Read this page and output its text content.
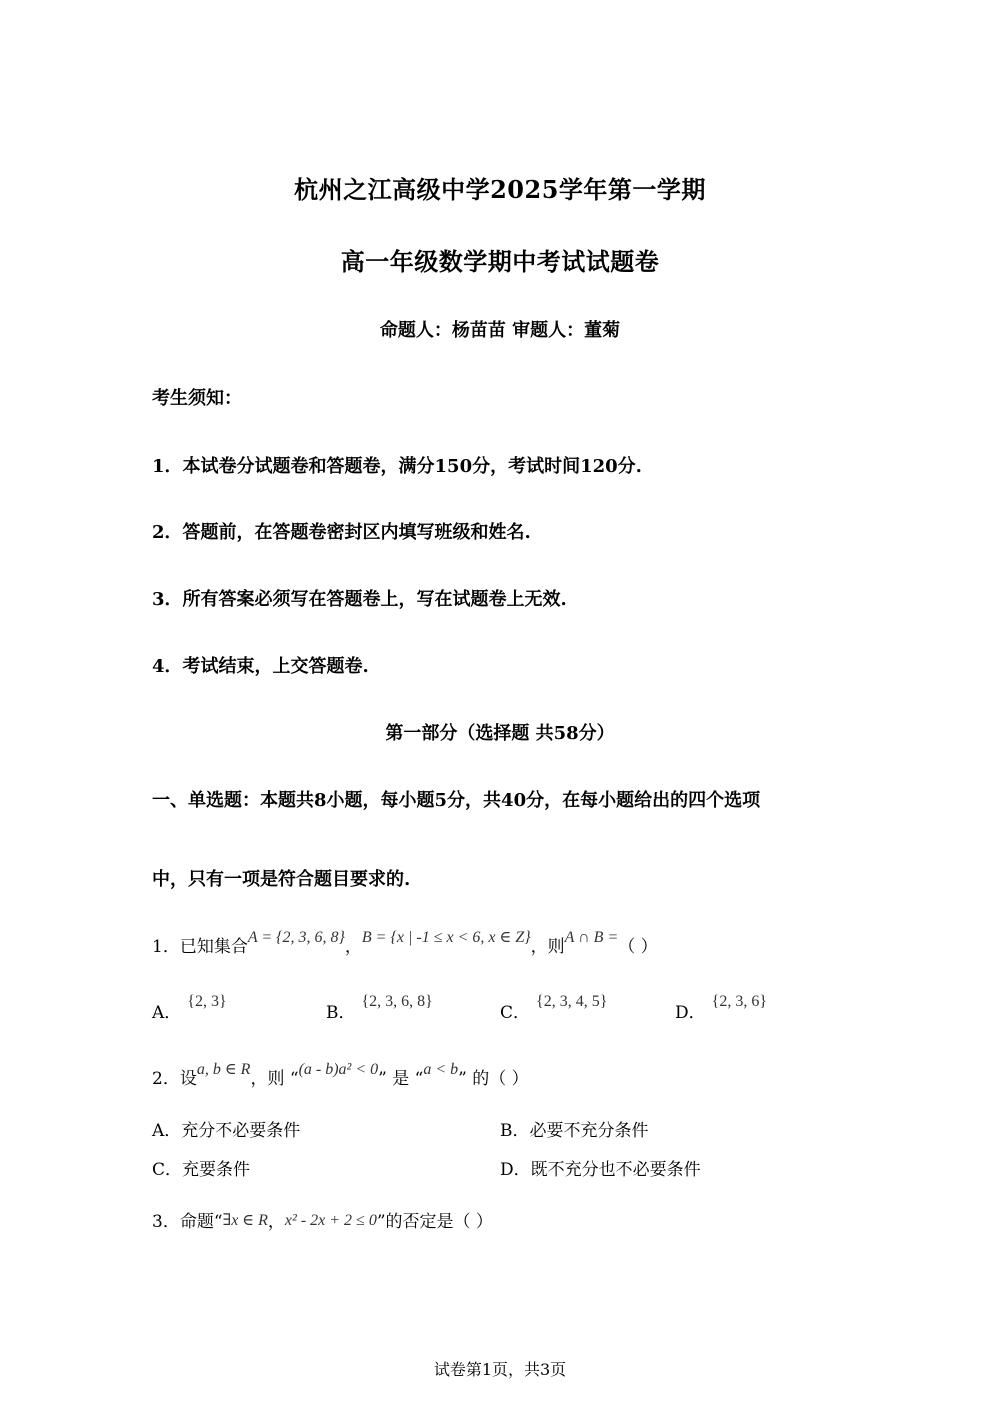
杭州之江高级中学2025学年第一学期
高一年级数学期中考试试题卷
命题人：杨苗苗 审题人：董菊
考生须知：
1．本试卷分试题卷和答题卷，满分150分，考试时间120分.
2．答题前，在答题卷密封区内填写班级和姓名.
3．所有答案必须写在答题卷上，写在试题卷上无效.
4．考试结束，上交答题卷.
第一部分（选择题 共58分）
一、单选题：本题共8小题，每小题5分，共40分，在每小题给出的四个选项
中，只有一项是符合题目要求的.
1．已知集合A = {2, 3, 6, 8}，B = {x | -1 ≤ x < 6, x ∈ Z}，则A ∩ B =（ ）
A．{2, 3}
B．{2, 3, 6, 8}
C．{2, 3, 4, 5}
D．{2, 3, 6}
2．设a, b ∈ R，则 “(a - b)a² < 0” 是 “a < b” 的（ ）
A．充分不必要条件	B．必要不充分条件
C．充要条件	D．既不充分也不必要条件
3．命题“∃x ∈ R，x² - 2x + 2 ≤ 0”的否定是（ ）
试卷第1页，共3页
